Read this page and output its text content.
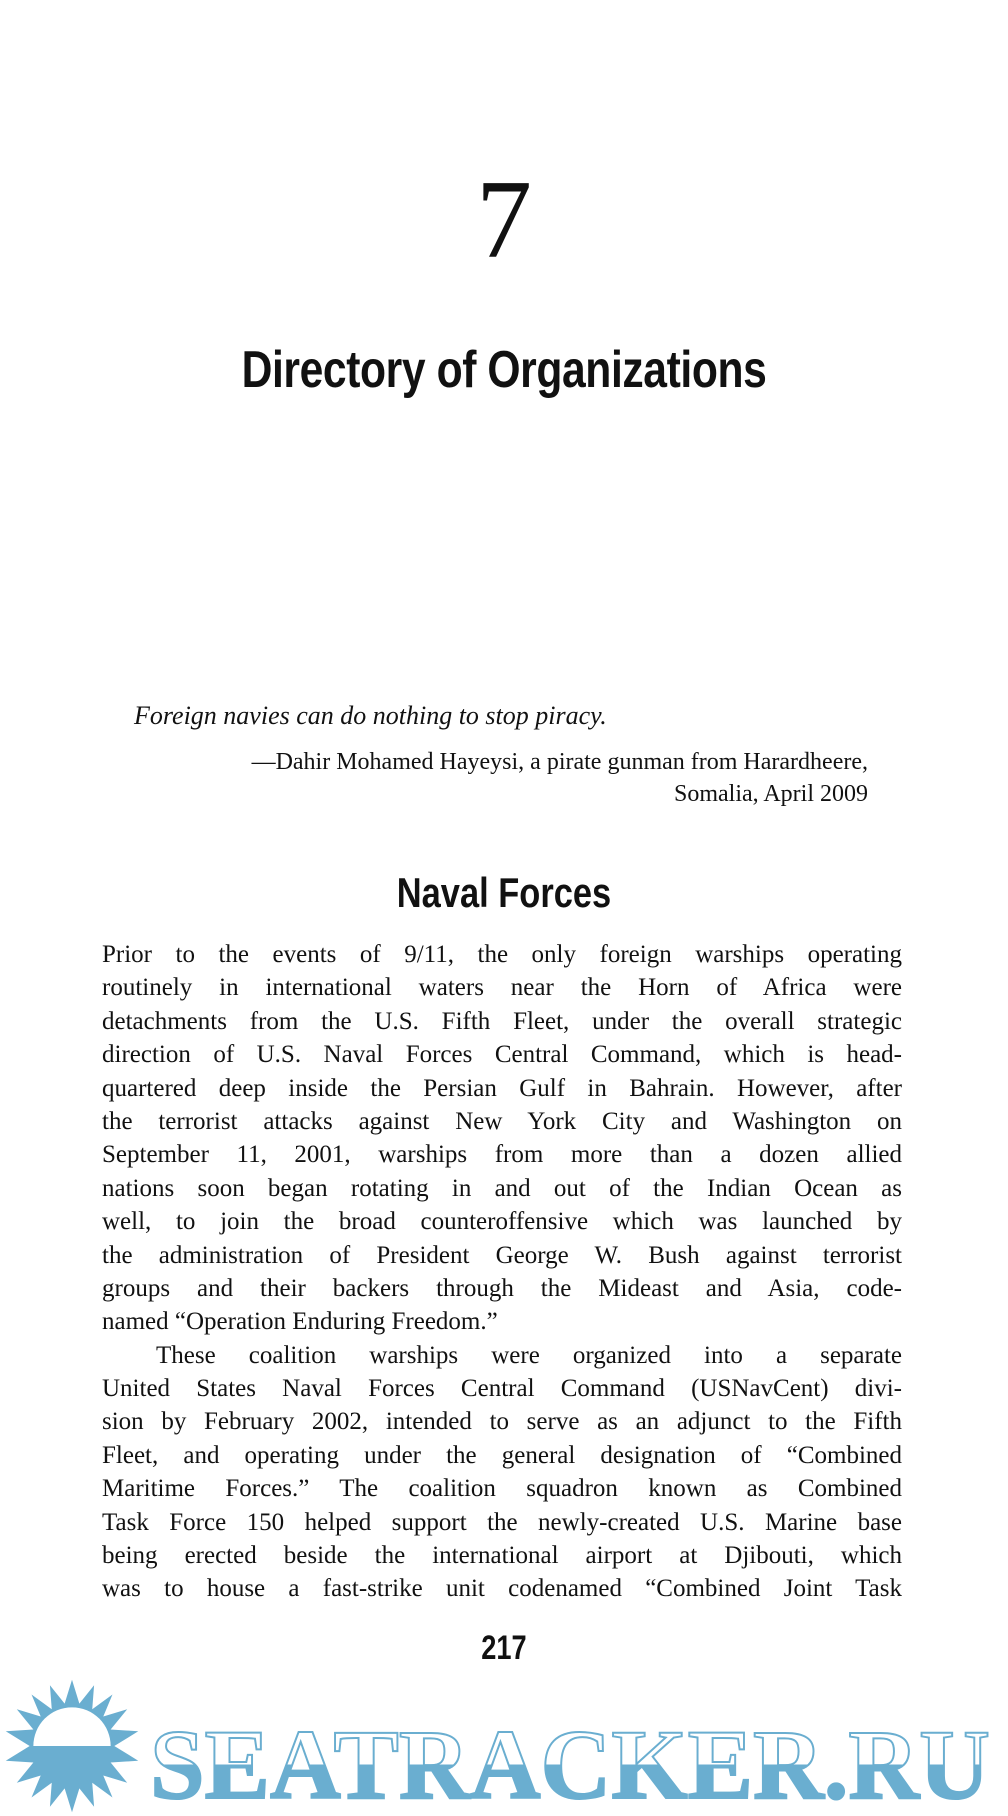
7
Directory of Organizations
Foreign navies can do nothing to stop piracy.
—Dahir Mohamed Hayeysi, a pirate gunman from Harardheere,
Somalia, April 2009
Naval Forces
Prior to the events of 9/11, the only foreign warships operating
routinely in international waters near the Horn of Africa were
detachments from the U.S. Fifth Fleet, under the overall strategic
direction of U.S. Naval Forces Central Command, which is head-
quartered deep inside the Persian Gulf in Bahrain. However, after
the terrorist attacks against New York City and Washington on
September 11, 2001, warships from more than a dozen allied
nations soon began rotating in and out of the Indian Ocean as
well, to join the broad counteroffensive which was launched by
the administration of President George W. Bush against terrorist
groups and their backers through the Mideast and Asia, code-
named “Operation Enduring Freedom.”
These coalition warships were organized into a separate
United States Naval Forces Central Command (USNavCent) divi-
sion by February 2002, intended to serve as an adjunct to the Fifth
Fleet, and operating under the general designation of “Combined
Maritime Forces.” The coalition squadron known as Combined
Task Force 150 helped support the newly-created U.S. Marine base
being erected beside the international airport at Djibouti, which
was to house a fast-strike unit codenamed “Combined Joint Task
217
SEATRACKER.RU
